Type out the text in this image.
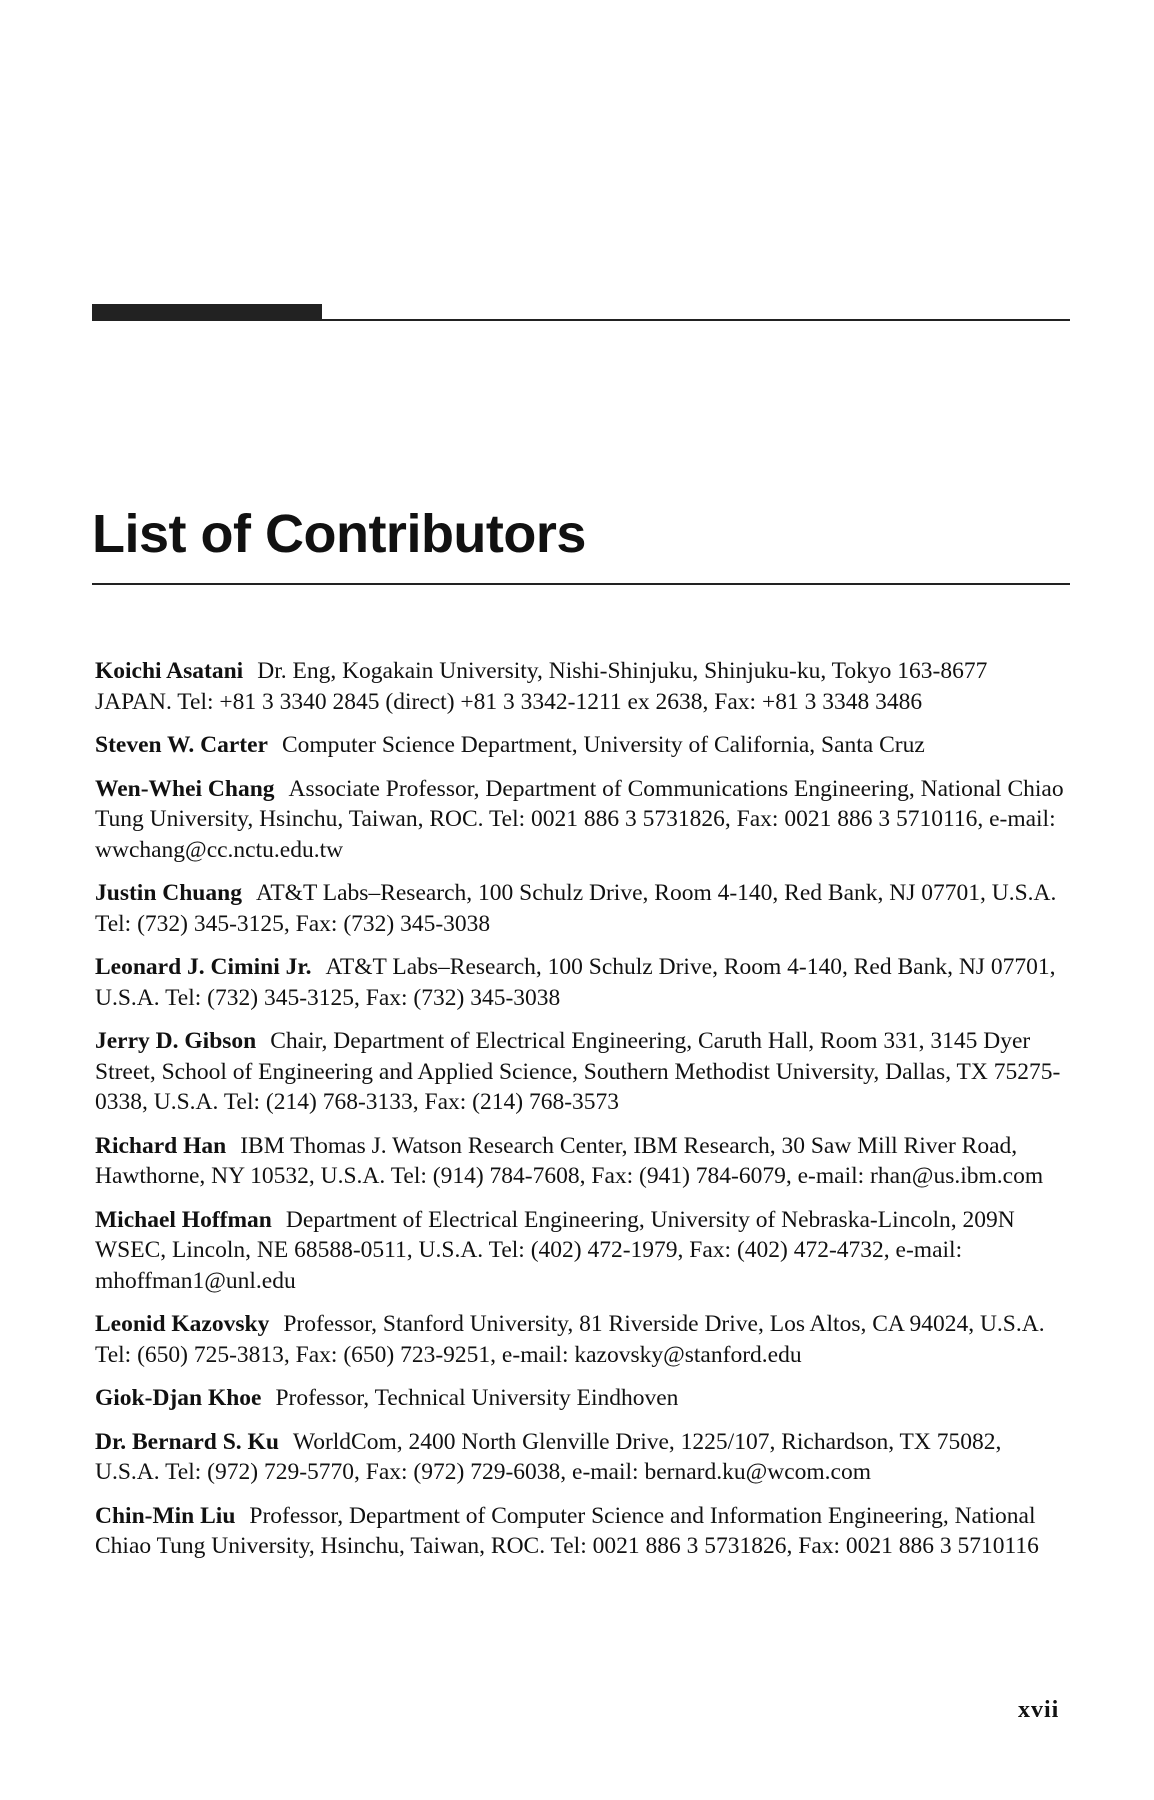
List of Contributors

Koichi Asatani Dr. Eng, Kogakain University, Nishi-Shinjuku, Shinjuku-ku, Tokyo 163-8677 JAPAN. Tel: +81 3 3340 2845 (direct) +81 3 3342-1211 ex 2638, Fax: +81 3 3348 3486

Steven W. Carter Computer Science Department, University of California, Santa Cruz

Wen-Whei Chang Associate Professor, Department of Communications Engineering, National Chiao Tung University, Hsinchu, Taiwan, ROC. Tel: 0021 886 3 5731826, Fax: 0021 886 3 5710116, e-mail: wwchang@cc.nctu.edu.tw

Justin Chuang AT&T Labs–Research, 100 Schulz Drive, Room 4-140, Red Bank, NJ 07701, U.S.A. Tel: (732) 345-3125, Fax: (732) 345-3038

Leonard J. Cimini Jr. AT&T Labs–Research, 100 Schulz Drive, Room 4-140, Red Bank, NJ 07701, U.S.A. Tel: (732) 345-3125, Fax: (732) 345-3038

Jerry D. Gibson Chair, Department of Electrical Engineering, Caruth Hall, Room 331, 3145 Dyer Street, School of Engineering and Applied Science, Southern Methodist University, Dallas, TX 75275-0338, U.S.A. Tel: (214) 768-3133, Fax: (214) 768-3573

Richard Han IBM Thomas J. Watson Research Center, IBM Research, 30 Saw Mill River Road, Hawthorne, NY 10532, U.S.A. Tel: (914) 784-7608, Fax: (941) 784-6079, e-mail: rhan@us.ibm.com

Michael Hoffman Department of Electrical Engineering, University of Nebraska-Lincoln, 209N WSEC, Lincoln, NE 68588-0511, U.S.A. Tel: (402) 472-1979, Fax: (402) 472-4732, e-mail: mhoffman1@unl.edu

Leonid Kazovsky Professor, Stanford University, 81 Riverside Drive, Los Altos, CA 94024, U.S.A. Tel: (650) 725-3813, Fax: (650) 723-9251, e-mail: kazovsky@stanford.edu

Giok-Djan Khoe Professor, Technical University Eindhoven

Dr. Bernard S. Ku WorldCom, 2400 North Glenville Drive, 1225/107, Richardson, TX 75082, U.S.A. Tel: (972) 729-5770, Fax: (972) 729-6038, e-mail: bernard.ku@wcom.com

Chin-Min Liu Professor, Department of Computer Science and Information Engineering, National Chiao Tung University, Hsinchu, Taiwan, ROC. Tel: 0021 886 3 5731826, Fax: 0021 886 3 5710116

xvii
